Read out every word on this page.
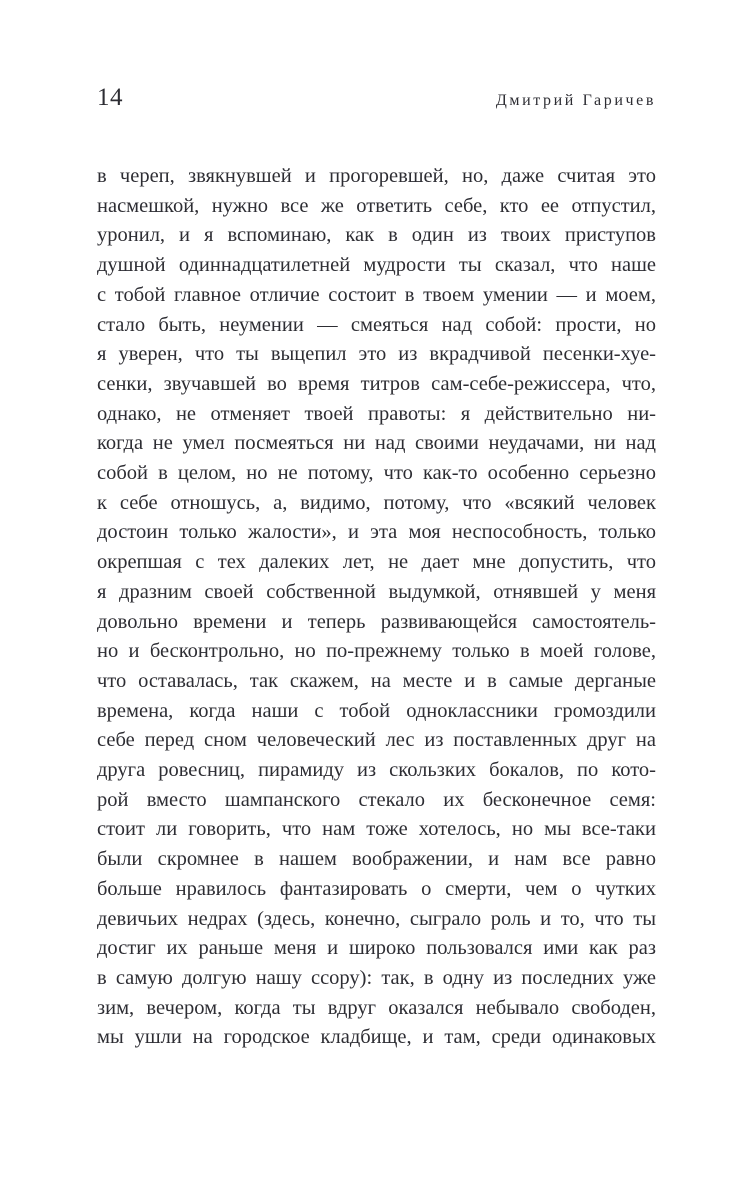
14	Дмитрий Гаричев
в череп, звякнувшей и прогоревшей, но, даже считая это
насмешкой, нужно все же ответить себе, кто ее отпустил,
уронил, и я вспоминаю, как в один из твоих приступов
душной одиннадцатилетней мудрости ты сказал, что наше
с тобой главное отличие состоит в твоем умении — и моем,
стало быть, неумении — смеяться над собой: прости, но
я уверен, что ты выцепил это из вкрадчивой песенки-хуе-
сенки, звучавшей во время титров сам-себе-режиссера, что,
однако, не отменяет твоей правоты: я действительно ни-
когда не умел посмеяться ни над своими неудачами, ни над
собой в целом, но не потому, что как-то особенно серьезно
к себе отношусь, а, видимо, потому, что «всякий человек
достоин только жалости», и эта моя неспособность, только
окрепшая с тех далеких лет, не дает мне допустить, что
я дразним своей собственной выдумкой, отнявшей у меня
довольно времени и теперь развивающейся самостоятель-
но и бесконтрольно, но по-прежнему только в моей голове,
что оставалась, так скажем, на месте и в самые дерганые
времена, когда наши с тобой одноклассники громоздили
себе перед сном человеческий лес из поставленных друг на
друга ровесниц, пирамиду из скользких бокалов, по кото-
рой вместо шампанского стекало их бесконечное семя:
стоит ли говорить, что нам тоже хотелось, но мы все-таки
были скромнее в нашем воображении, и нам все равно
больше нравилось фантазировать о смерти, чем о чутких
девичьих недрах (здесь, конечно, сыграло роль и то, что ты
достиг их раньше меня и широко пользовался ими как раз
в самую долгую нашу ссору): так, в одну из последних уже
зим, вечером, когда ты вдруг оказался небывало свободен,
мы ушли на городское кладбище, и там, среди одинаковых
